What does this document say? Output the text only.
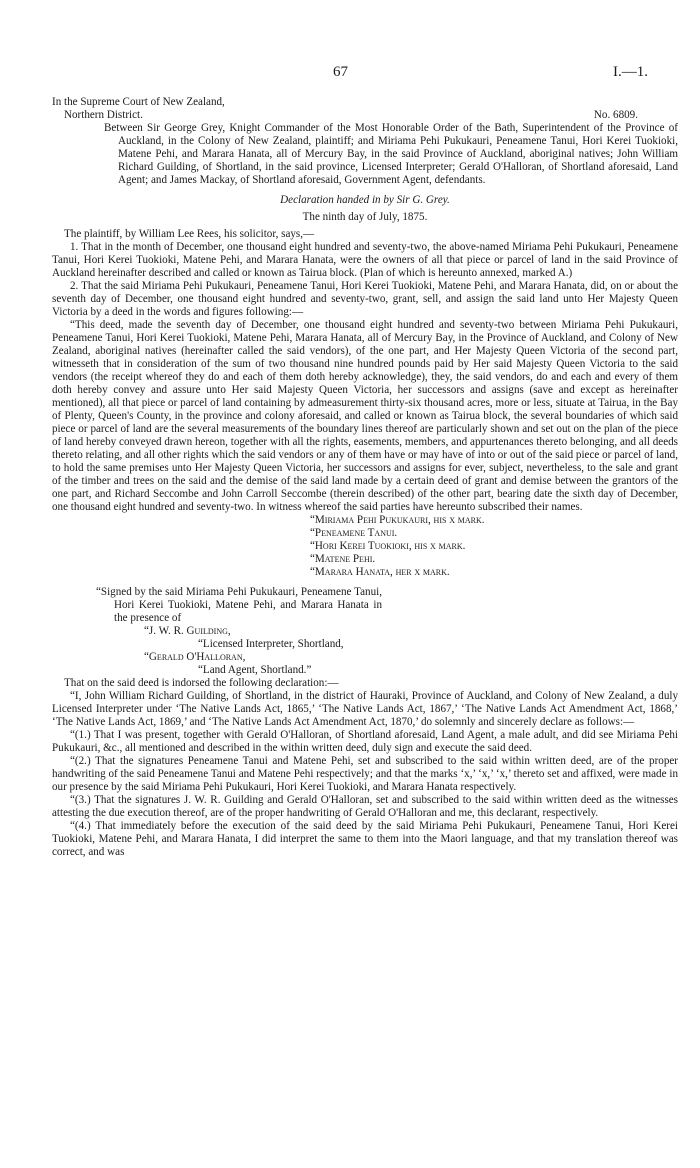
67	I.—1.

In the Supreme Court of New Zealand,

Northern District.	No. 6809.

Between Sir George Grey, Knight Commander of the Most Honorable Order of the Bath, Superintendent of the Province of Auckland, in the Colony of New Zealand, plaintiff; and Miriama Pehi Pukukauri, Peneamene Tanui, Hori Kerei Tuokioki, Matene Pehi, and Marara Hanata, all of Mercury Bay, in the said Province of Auckland, aboriginal natives; John William Richard Guilding, of Shortland, in the said province, Licensed Interpreter; Gerald O'Halloran, of Shortland aforesaid, Land Agent; and James Mackay, of Shortland aforesaid, Government Agent, defendants.

Declaration handed in by Sir G. Grey.

The ninth day of July, 1875.

The plaintiff, by William Lee Rees, his solicitor, says,—

1. That in the month of December, one thousand eight hundred and seventy-two, the above-named Miriama Pehi Pukukauri, Peneamene Tanui, Hori Kerei Tuokioki, Matene Pehi, and Marara Hanata, were the owners of all that piece or parcel of land in the said Province of Auckland hereinafter described and called or known as Tairua block. (Plan of which is hereunto annexed, marked A.)

2. That the said Miriama Pehi Pukukauri, Peneamene Tanui, Hori Kerei Tuokioki, Matene Pehi, and Marara Hanata, did, on or about the seventh day of December, one thousand eight hundred and seventy-two, grant, sell, and assign the said land unto Her Majesty Queen Victoria by a deed in the words and figures following:—

“This deed, made the seventh day of December, one thousand eight hundred and seventy-two between Miriama Pehi Pukukauri, Peneamene Tanui, Hori Kerei Tuokioki, Matene Pehi, Marara Hanata, all of Mercury Bay, in the Province of Auckland, and Colony of New Zealand, aboriginal natives (hereinafter called the said vendors), of the one part, and Her Majesty Queen Victoria of the second part, witnesseth that in consideration of the sum of two thousand nine hundred pounds paid by Her said Majesty Queen Victoria to the said vendors (the receipt whereof they do and each of them doth hereby acknowledge), they, the said vendors, do and each and every of them doth hereby convey and assure unto Her said Majesty Queen Victoria, her successors and assigns (save and except as hereinafter mentioned), all that piece or parcel of land containing by admeasurement thirty-six thousand acres, more or less, situate at Tairua, in the Bay of Plenty, Queen's County, in the province and colony aforesaid, and called or known as Tairua block, the several boundaries of which said piece or parcel of land are the several measurements of the boundary lines thereof are particularly shown and set out on the plan of the piece of land hereby conveyed drawn hereon, together with all the rights, easements, members, and appurtenances thereto belonging, and all deeds thereto relating, and all other rights which the said vendors or any of them have or may have of into or out of the said piece or parcel of land, to hold the same premises unto Her Majesty Queen Victoria, her successors and assigns for ever, subject, nevertheless, to the sale and grant of the timber and trees on the said and the demise of the said land made by a certain deed of grant and demise between the grantors of the one part, and Richard Seccombe and John Carroll Seccombe (therein described) of the other part, bearing date the sixth day of December, one thousand eight hundred and seventy-two. In witness whereof the said parties have hereunto subscribed their names.

“Miriama Pehi Pukukauri, his x mark.

“Peneamene Tanui.

“Hori Kerei Tuokioki, his x mark.

“Matene Pehi.

“Marara Hanata, her x mark.

“Signed by the said Miriama Pehi Pukukauri, Peneamene Tanui, Hori Kerei Tuokioki, Matene Pehi, and Marara Hanata in the presence of

“J. W. R. Guilding,

“Licensed Interpreter, Shortland,

“Gerald O'Halloran,

“Land Agent, Shortland.”

That on the said deed is indorsed the following declaration:—

“I, John William Richard Guilding, of Shortland, in the district of Hauraki, Province of Auckland, and Colony of New Zealand, a duly Licensed Interpreter under ‘The Native Lands Act, 1865,’ ‘The Native Lands Act, 1867,’ ‘The Native Lands Act Amendment Act, 1868,’ ‘The Native Lands Act, 1869,’ and ‘The Native Lands Act Amendment Act, 1870,’ do solemnly and sincerely declare as follows:—

“(1.) That I was present, together with Gerald O'Halloran, of Shortland aforesaid, Land Agent, a male adult, and did see Miriama Pehi Pukukauri, &c., all mentioned and described in the within written deed, duly sign and execute the said deed.

“(2.) That the signatures Peneamene Tanui and Matene Pehi, set and subscribed to the said within written deed, are of the proper handwriting of the said Peneamene Tanui and Matene Pehi respectively; and that the marks ‘x,’ ‘x,’ ‘x,’ thereto set and affixed, were made in our presence by the said Miriama Pehi Pukukauri, Hori Kerei Tuokioki, and Marara Hanata respectively.

“(3.) That the signatures J. W. R. Guilding and Gerald O'Halloran, set and subscribed to the said within written deed as the witnesses attesting the due execution thereof, are of the proper handwriting of Gerald O'Halloran and me, this declarant, respectively.

“(4.) That immediately before the execution of the said deed by the said Miriama Pehi Pukukauri, Peneamene Tanui, Hori Kerei Tuokioki, Matene Pehi, and Marara Hanata, I did interpret the same to them into the Maori language, and that my translation thereof was correct, and was
